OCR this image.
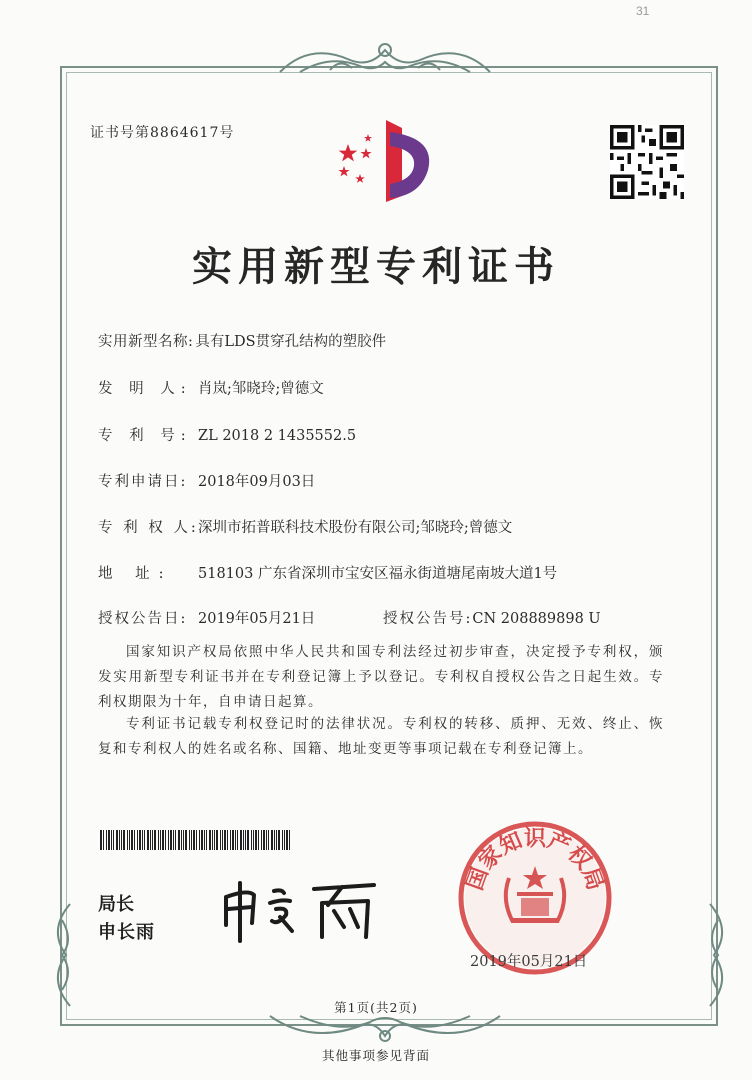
31
证书号第8864617号
实用新型专利证书
实用新型名称: 具有LDS贯穿孔结构的塑胶件
发 明 人: 肖岚;邹晓玲;曾德文
专 利 号: ZL 2018 2 1435552.5
专利申请日: 2018年09月03日
专 利 权 人:深圳市拓普联科技术股份有限公司;邹晓玲;曾德文
地 址: 518103 广东省深圳市宝安区福永街道塘尾南坡大道1号
授权公告日: 2019年05月21日	授权公告号:CN 208889898 U
国家知识产权局依照中华人民共和国专利法经过初步审查，决定授予专利权，颁发实用新型专利证书并在专利登记簿上予以登记。专利权自授权公告之日起生效。专利权期限为十年，自申请日起算。
专利证书记载专利权登记时的法律状况。专利权的转移、质押、无效、终止、恢复和专利权人的姓名或名称、国籍、地址变更等事项记载在专利登记簿上。
局长
申长雨
国家知识产权局
2019年05月21日
第1页(共2页)
其他事项参见背面
